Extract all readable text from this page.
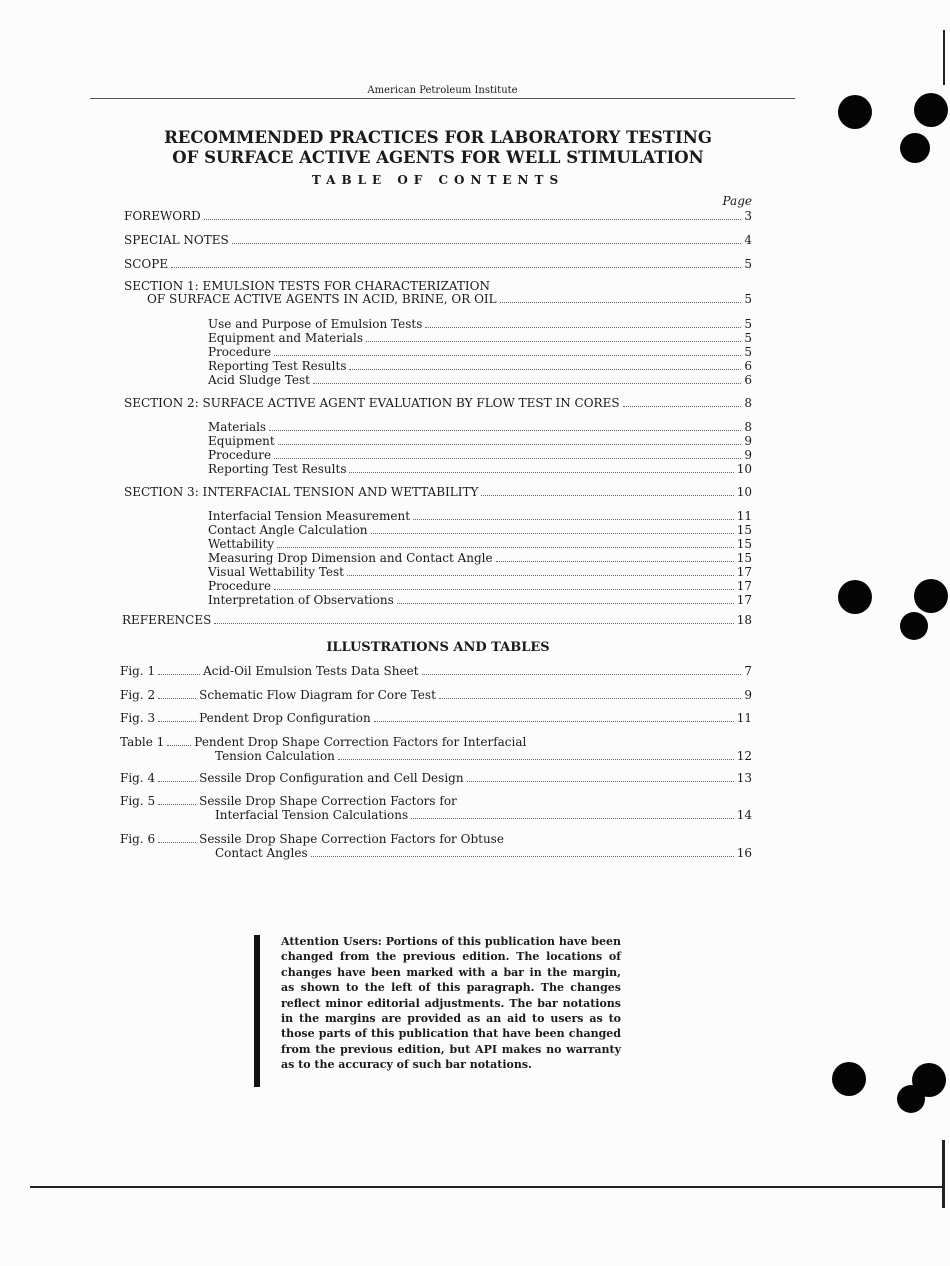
American Petroleum Institute
RECOMMENDED PRACTICES FOR LABORATORY TESTING
OF SURFACE ACTIVE AGENTS FOR WELL STIMULATION
TABLE OF CONTENTS
Page
FOREWORD	3
SPECIAL NOTES	4
SCOPE	5
SECTION 1: EMULSION TESTS FOR CHARACTERIZATION
OF SURFACE ACTIVE AGENTS IN ACID, BRINE, OR OIL	5
Use and Purpose of Emulsion Tests	5
Equipment and Materials	5
Procedure	5
Reporting Test Results	6
Acid Sludge Test	6
SECTION 2: SURFACE ACTIVE AGENT EVALUATION BY FLOW TEST IN CORES	8
Materials	8
Equipment	9
Procedure	9
Reporting Test Results	10
SECTION 3: INTERFACIAL TENSION AND WETTABILITY	10
Interfacial Tension Measurement	11
Contact Angle Calculation	15
Wettability	15
Measuring Drop Dimension and Contact Angle	15
Visual Wettability Test	17
Procedure	17
Interpretation of Observations	17
REFERENCES	18
ILLUSTRATIONS AND TABLES
Fig. 1	Acid-Oil Emulsion Tests Data Sheet	7
Fig. 2	Schematic Flow Diagram for Core Test	9
Fig. 3	Pendent Drop Configuration	11
Table 1	Pendent Drop Shape Correction Factors for Interfacial
Tension Calculation	12
Fig. 4	Sessile Drop Configuration and Cell Design	13
Fig. 5	Sessile Drop Shape Correction Factors for
Interfacial Tension Calculations	14
Fig. 6	Sessile Drop Shape Correction Factors for Obtuse
Contact Angles	16
Attention Users: Portions of this publication have been changed from the previous edition. The locations of changes have been marked with a bar in the margin, as shown to the left of this paragraph. The changes reflect minor editorial adjustments. The bar notations in the margins are provided as an aid to users as to those parts of this publication that have been changed from the previous edition, but API makes no warranty as to the accuracy of such bar notations.
